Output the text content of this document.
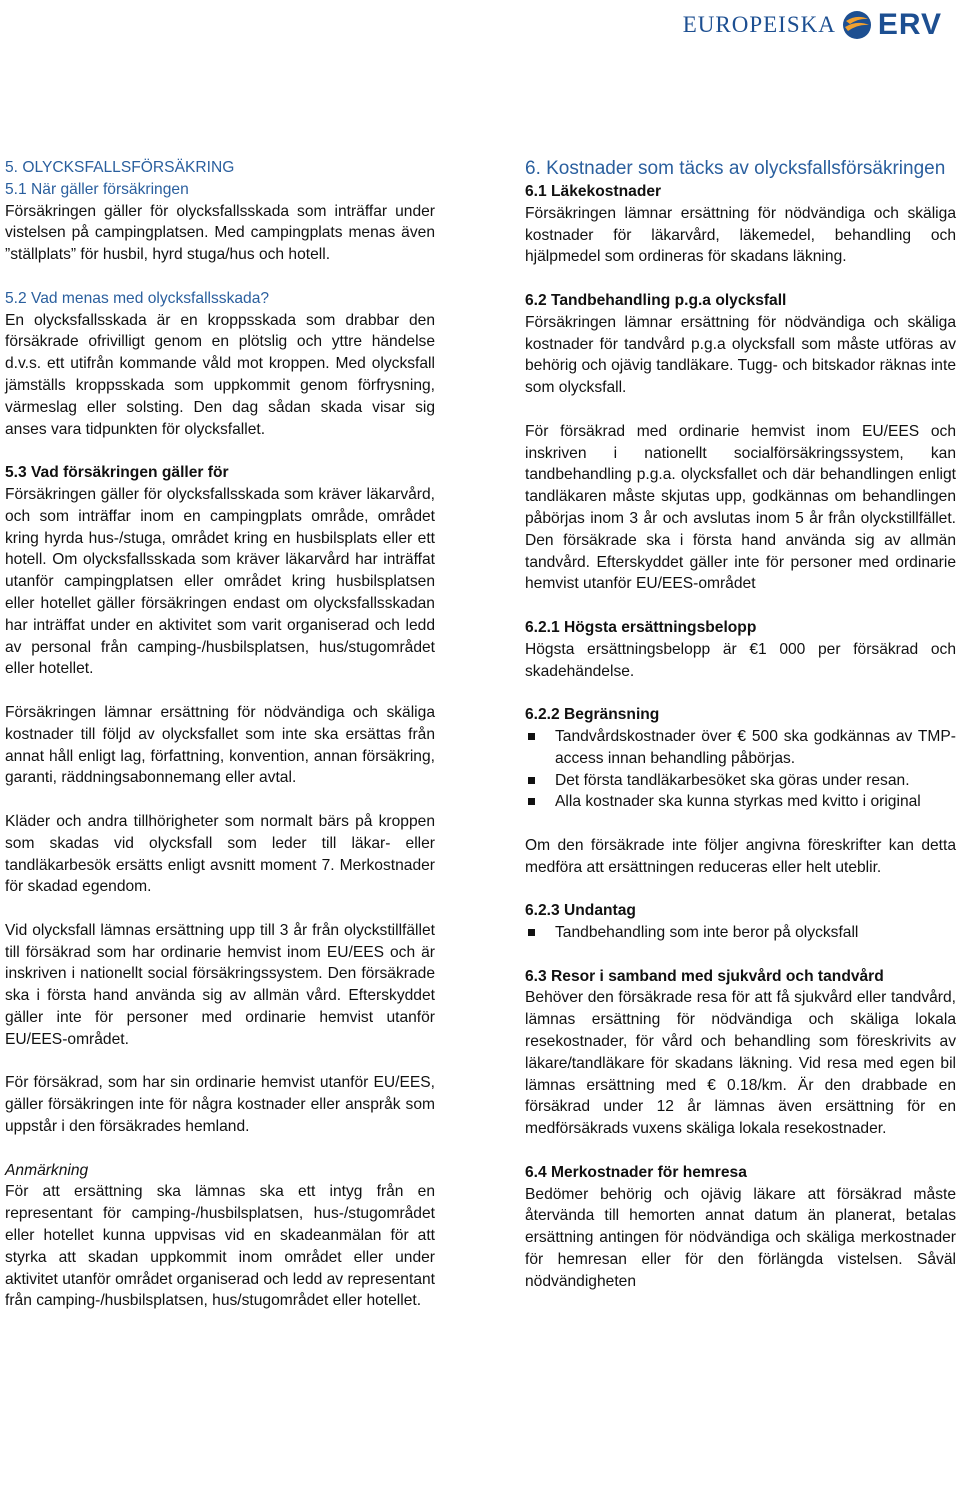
EUROPEISKA ERV
5. OLYCKSFALLSFÖRSÄKRING
5.1 När gäller försäkringen

Försäkringen gäller för olycksfallsskada som inträffar under vistelsen på campingplatsen. Med campingplats menas även ”ställplats” för husbil, hyrd stuga/hus och hotell.

5.2 Vad menas med olycksfallsskada?

En olycksfallsskada är en kroppsskada som drabbar den försäkrade ofrivilligt genom en plötslig och yttre händelse d.v.s. ett utifrån kommande våld mot kroppen. Med olycksfall jämställs kroppsskada som uppkommit genom förfrysning, värmeslag eller solsting. Den dag sådan skada visar sig anses vara tidpunkten för olycksfallet.

5.3 Vad försäkringen gäller för

Försäkringen gäller för olycksfallsskada som kräver läkarvård, och som inträffar inom en campingplats område, området kring hyrda hus-/stuga, området kring en husbilsplats eller ett hotell. Om olycksfallsskada som kräver läkarvård har inträffat utanför campingplatsen eller området kring husbilsplatsen eller hotellet gäller försäkringen endast om olycksfallsskadan har inträffat under en aktivitet som varit organiserad och ledd av personal från camping-/husbilsplatsen, hus/stugområdet eller hotellet.

Försäkringen lämnar ersättning för nödvändiga och skäliga kostnader till följd av olycksfallet som inte ska ersättas från annat håll enligt lag, författning, konvention, annan försäkring, garanti, räddningsabonnemang eller avtal.

Kläder och andra tillhörigheter som normalt bärs på kroppen som skadas vid olycksfall som leder till läkar- eller tandläkarbesök ersätts enligt avsnitt moment 7. Merkostnader för skadad egendom.

Vid olycksfall lämnas ersättning upp till 3 år från olyckstillfället till försäkrad som har ordinarie hemvist inom EU/EES och är inskriven i nationellt social försäkringssystem. Den försäkrade ska i första hand använda sig av allmän vård. Efterskyddet gäller inte för personer med ordinarie hemvist utanför EU/EES-området.

För försäkrad, som har sin ordinarie hemvist utanför EU/EES, gäller försäkringen inte för några kostnader eller anspråk som uppstår i den försäkrades hemland.

Anmärkning

För att ersättning ska lämnas ska ett intyg från en representant för camping-/husbilsplatsen, hus-/stugområdet eller hotellet kunna uppvisas vid en skadeanmälan för att styrka att skadan uppkommit inom området eller under aktivitet utanför området organiserad och ledd av representant från camping-/husbilsplatsen, hus/stugområdet eller hotellet.

6. Kostnader som täcks av olycksfallsförsäkringen
6.1 Läkekostnader

Försäkringen lämnar ersättning för nödvändiga och skäliga kostnader för läkarvård, läkemedel, behandling och hjälpmedel som ordineras för skadans läkning.

6.2 Tandbehandling p.g.a olycksfall

Försäkringen lämnar ersättning för nödvändiga och skäliga kostnader för tandvård p.g.a olycksfall som måste utföras av behörig och ojävig tandläkare. Tugg- och bitskador räknas inte som olycksfall.

För försäkrad med ordinarie hemvist inom EU/EES och inskriven i nationellt socialförsäkringssystem, kan tandbehandling p.g.a. olycksfallet och där behandlingen enligt tandläkaren måste skjutas upp, godkännas om behandlingen påbörjas inom 3 år och avslutas inom 5 år från olyckstillfället. Den försäkrade ska i första hand använda sig av allmän tandvård. Efterskyddet gäller inte för personer med ordinarie hemvist utanför EU/EES-området

6.2.1 Högsta ersättningsbelopp

Högsta ersättningsbelopp är €1 000 per försäkrad och skadehändelse.

6.2.2 Begränsning
Tandvårdskostnader över € 500 ska godkännas av TMP-access innan behandling påbörjas.
Det första tandläkarbesöket ska göras under resan.
Alla kostnader ska kunna styrkas med kvitto i original

Om den försäkrade inte följer angivna föreskrifter kan detta medföra att ersättningen reduceras eller helt uteblir.

6.2.3 Undantag
Tandbehandling som inte beror på olycksfall
6.3 Resor i samband med sjukvård och tandvård

Behöver den försäkrade resa för att få sjukvård eller tandvård, lämnas ersättning för nödvändiga och skäliga lokala resekostnader, för vård och behandling som föreskrivits av läkare/tandläkare för skadans läkning. Vid resa med egen bil lämnas ersättning med € 0.18/km. Är den drabbade en försäkrad under 12 år lämnas även ersättning för en medförsäkrads vuxens skäliga lokala resekostnader.

6.4 Merkostnader för hemresa

Bedömer behörig och ojävig läkare att försäkrad måste återvända till hemorten annat datum än planerat, betalas ersättning antingen för nödvändiga och skäliga merkostnader för hemresan eller för den förlängda vistelsen. Såväl nödvändigheten
